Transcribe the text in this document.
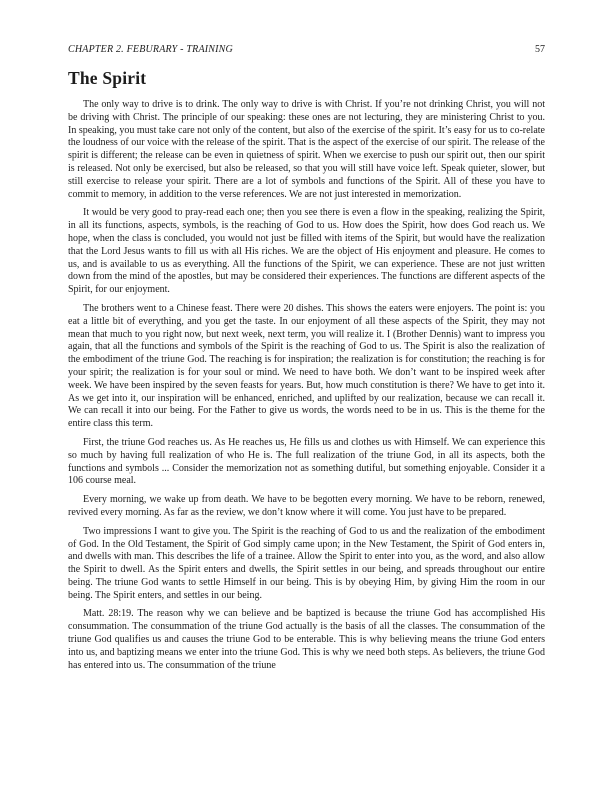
CHAPTER 2. FEBURARY - TRAINING	57
The Spirit

The only way to drive is to drink. The only way to drive is with Christ. If you’re not drinking Christ, you will not be driving with Christ. The principle of our speaking: these ones are not lecturing, they are ministering Christ to you. In speaking, you must take care not only of the content, but also of the exercise of the spirit. It’s easy for us to co-relate the loudness of our voice with the release of the spirit. That is the aspect of the exercise of our spirit. The release of the spirit is different; the release can be even in quietness of spirit. When we exercise to push our spirit out, then our spirit is released. Not only be exercised, but also be released, so that you will still have voice left. Speak quieter, slower, but still exercise to release your spirit. There are a lot of symbols and functions of the Spirit. All of these you have to commit to memory, in addition to the verse references. We are not just interested in memorization.

It would be very good to pray-read each one; then you see there is even a flow in the speaking, realizing the Spirit, in all its functions, aspects, symbols, is the reaching of God to us. How does the Spirit, how does God reach us. We hope, when the class is concluded, you would not just be filled with items of the Spirit, but would have the realization that the Lord Jesus wants to fill us with all His riches. We are the object of His enjoyment and pleasure. He comes to us, and is available to us as everything. All the functions of the Spirit, we can experience. These are not just written down from the mind of the apostles, but may be considered their experiences. The functions are different aspects of the Spirit, for our enjoyment.

The brothers went to a Chinese feast. There were 20 dishes. This shows the eaters were enjoyers. The point is: you eat a little bit of everything, and you get the taste. In our enjoyment of all these aspects of the Spirit, they may not mean that much to you right now, but next week, next term, you will realize it. I (Brother Dennis) want to impress you again, that all the functions and symbols of the Spirit is the reaching of God to us. The Spirit is also the realization of the embodiment of the triune God. The reaching is for inspiration; the realization is for constitution; the reaching is for your spirit; the realization is for your soul or mind. We need to have both. We don’t want to be inspired week after week. We have been inspired by the seven feasts for years. But, how much constitution is there? We have to get into it. As we get into it, our inspiration will be enhanced, enriched, and uplifted by our realization, because we can recall it. We can recall it into our being. For the Father to give us words, the words need to be in us. This is the theme for the entire class this term.

First, the triune God reaches us. As He reaches us, He fills us and clothes us with Himself. We can experience this so much by having full realization of who He is. The full realization of the triune God, in all its aspects, both the functions and symbols ... Consider the memorization not as something dutiful, but something enjoyable. Consider it a 106 course meal.

Every morning, we wake up from death. We have to be begotten every morning. We have to be reborn, renewed, revived every morning. As far as the review, we don’t know where it will come. You just have to be prepared.

Two impressions I want to give you. The Spirit is the reaching of God to us and the realization of the embodiment of God. In the Old Testament, the Spirit of God simply came upon; in the New Testament, the Spirit of God enters in, and dwells with man. This describes the life of a trainee. Allow the Spirit to enter into you, as the word, and also allow the Spirit to dwell. As the Spirit enters and dwells, the Spirit settles in our being, and spreads throughout our entire being. The triune God wants to settle Himself in our being. This is by obeying Him, by giving Him the room in our being. The Spirit enters, and settles in our being.

Matt. 28:19. The reason why we can believe and be baptized is because the triune God has accomplished His consummation. The consummation of the triune God actually is the basis of all the classes. The consummation of the triune God qualifies us and causes the triune God to be enterable. This is why believing means the triune God enters into us, and baptizing means we enter into the triune God. This is why we need both steps. As believers, the triune God has entered into us. The consummation of the triune
